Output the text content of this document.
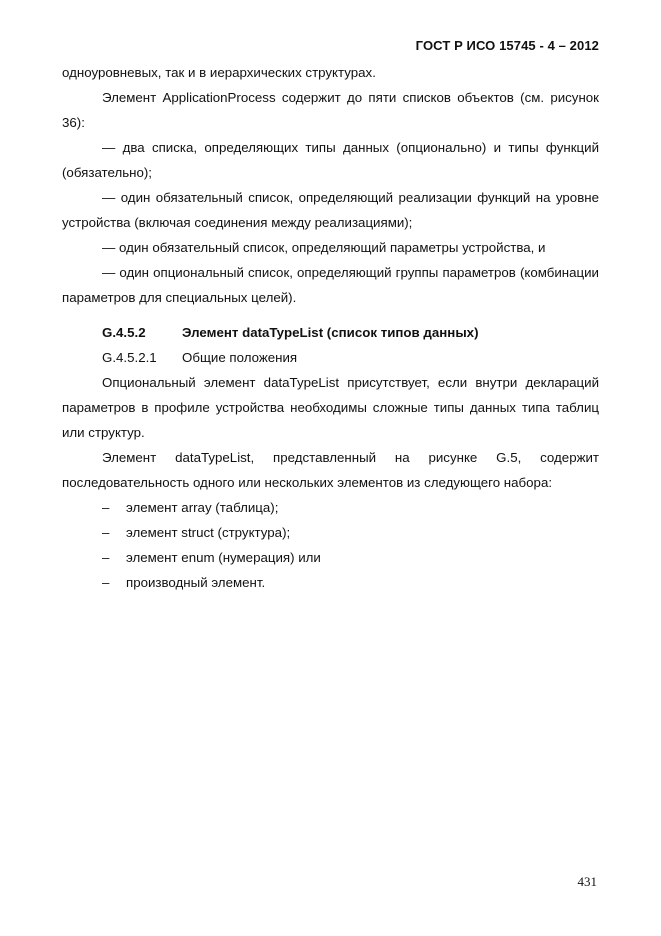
ГОСТ Р ИСО 15745 - 4 – 2012

одноуровневых, так и в иерархических структурах.

Элемент ApplicationProcess содержит до пяти списков объектов (см. рисунок 36):

— два списка, определяющих типы данных (опционально) и типы функций (обязательно);

— один обязательный список, определяющий реализации функций на уровне устройства (включая соединения между реализациями);

— один обязательный список, определяющий параметры устройства, и

— один опциональный список, определяющий группы параметров (комбинации параметров для специальных целей).

G.4.5.2	Элемент dataTypeList (список типов данных)
G.4.5.2.1	Общие положения

Опциональный элемент dataTypeList присутствует, если внутри деклараций параметров в профиле устройства необходимы сложные типы данных типа таблиц или структур.

Элемент dataTypeList, представленный на рисунке G.5, содержит последовательность одного или нескольких элементов из следующего набора:

–	элемент array (таблица);
–	элемент struct (структура);
–	элемент enum (нумерация) или
–	производный элемент.
431
